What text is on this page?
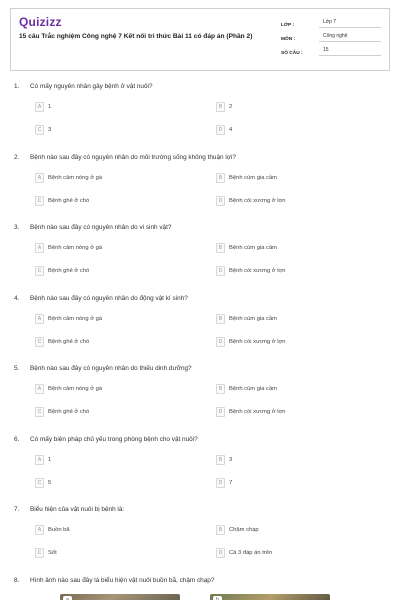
Quizizz
15 câu Trắc nghiệm Công nghệ 7 Kết nối tri thức Bài 11 có đáp án (Phần 2)
LỚP :
Lớp 7
MÔN :
Công nghệ
SỐ CÂU :
15
1.	Có mấy nguyên nhân gây bệnh ở vật nuôi?
A	1	B	2
C	3	D	4
2.	Bệnh nào sau đây có nguyên nhân do môi trường sống không thuận lợi?
A	Bệnh cảm nóng ở gà	B	Bệnh cúm gia cầm
C	Bệnh ghẻ ở chó	D	Bệnh còi xương ở lợn
3.	Bệnh nào sau đây có nguyên nhân do vi sinh vật?
A	Bệnh cảm nóng ở gà	B	Bệnh cúm gia cầm
C	Bệnh ghẻ ở chó	D	Bệnh còi xương ở lợn
4.	Bệnh nào sau đây có nguyên nhân do động vật kí sinh?
A	Bệnh cảm nóng ở gà	B	Bệnh cúm gia cầm
C	Bệnh ghẻ ở chó	D	Bệnh còi xương ở lợn
5.	Bệnh nào sau đây có nguyên nhân do thiếu dinh dưỡng?
A	Bệnh cảm nóng ở gà	B	Bệnh cúm gia cầm
C	Bệnh ghẻ ở chó	D	Bệnh còi xương ở lợn
6.	Có mấy biện pháp chủ yếu trong phòng bệnh cho vật nuôi?
A	1	B	3
C	5	D	7
7.	Biểu hiện của vật nuôi bị bệnh là:
A	Buồn bã	B	Chậm chạp
C	Sốt	D	Cả 3 đáp án trên
8.	Hình ảnh nào sau đây là biểu hiện vật nuôi buồn bã, chậm chạp?
a	b
